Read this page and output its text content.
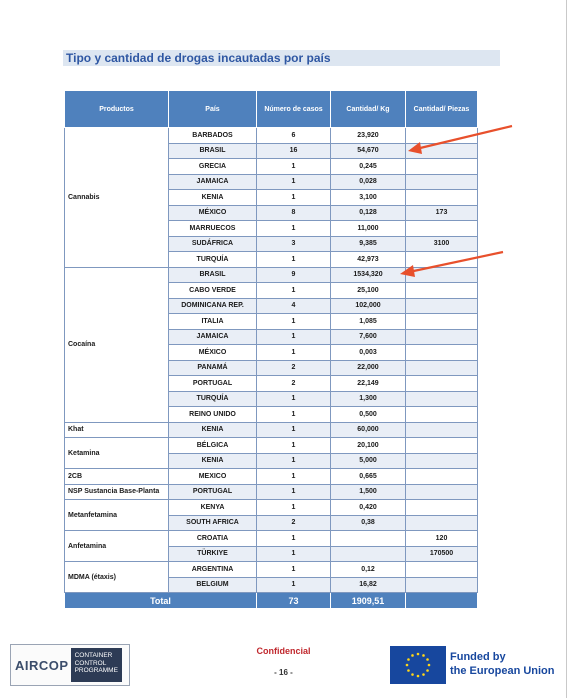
Tipo y cantidad de drogas incautadas por país
Productos	País	Número de casos	Cantidad/ Kg	Cantidad/ Piezas
Cannabis	BARBADOS	6	23,920	
	BRASIL	16	54,670	
	GRECIA	1	0,245	
	JAMAICA	1	0,028	
	KENIA	1	3,100	
	MÉXICO	8	0,128	173
	MARRUECOS	1	11,000	
	SUDÁFRICA	3	9,385	3100
	TURQUÍA	1	42,973	
Cocaína	BRASIL	9	1534,320	
	CABO VERDE	1	25,100	
	DOMINICANA REP.	4	102,000	
	ITALIA	1	1,085	
	JAMAICA	1	7,600	
	MÉXICO	1	0,003	
	PANAMÁ	2	22,000	
	PORTUGAL	2	22,149	
	TURQUÍA	1	1,300	
	REINO UNIDO	1	0,500	
Khat	KENIA	1	60,000	
Ketamina	BÉLGICA	1	20,100	
	KENIA	1	5,000	
2CB	MEXICO	1	0,665	
NSP Sustancia Base-Planta	PORTUGAL	1	1,500	
Metanfetamina	KENYA	1	0,420	
	SOUTH AFRICA	2	0,38	
Anfetamina	CROATIA	1		120
	TÜRKIYE	1		170500
MDMA (étaxis)	ARGENTINA	1	0,12	
	BELGIUM	1	16,82	
Total		73	1909,51	
AIRCOP
CONTAINER
CONTROL
PROGRAMME
Confidencial
- 16 -
Funded by
the European Union
